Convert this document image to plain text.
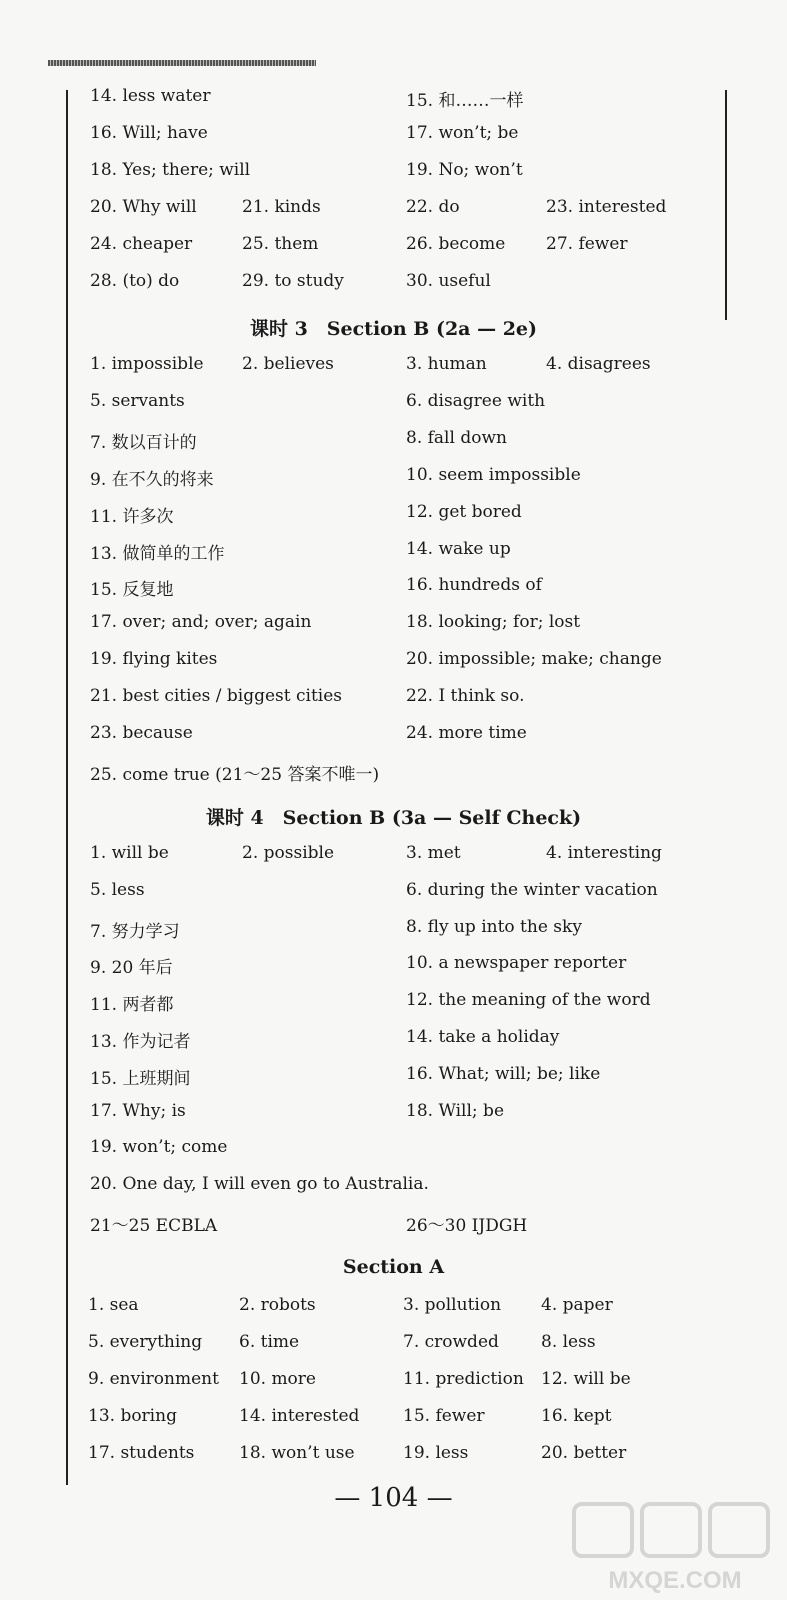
课时 3　Section B (2a — 2e)
课时 4　Section B (3a — Self Check)
Section A
— 104 —
14. less water	15. 和……一样
16. Will; have	17. won’t; be
18. Yes; there; will	19. No; won’t
20. Why will	21. kinds	22. do	23. interested
24. cheaper	25. them	26. become 27. fewer
28. (to) do	29. to study	30. useful
1. impossible 2. believes	3. human	4. disagrees
5. servants	6. disagree with
7. 数以百计的	8. fall down
9. 在不久的将来	10. seem impossible
11. 许多次	12. get bored
13. 做简单的工作	14. wake up
15. 反复地	16. hundreds of
17. over; and; over; again	18. looking; for; lost
19. flying kites	20. impossible; make; change
21. best cities / biggest cities	22. I think so.
23. because	24. more time
25. come true (21～25 答案不唯一)
1. will be	2. possible	3. met	4. interesting
5. less	6. during the winter vacation
7. 努力学习	8. fly up into the sky
9. 20 年后	10. a newspaper reporter
11. 两者都	12. the meaning of the word
13. 作为记者	14. take a holiday
15. 上班期间	16. What; will; be; like
17. Why; is	18. Will; be
19. won’t; come
20. One day, I will even go to Australia.
21～25 ECBLA	26～30 IJDGH
1. sea	2. robots	3. pollution 4. paper
5. everything 6. time	7. crowded 8. less
9. environment 10. more	11. prediction 12. will be
13. boring	14. interested	15. fewer	16. kept
17. students	18. won’t use	19. less	20. better
MXQE.COM
